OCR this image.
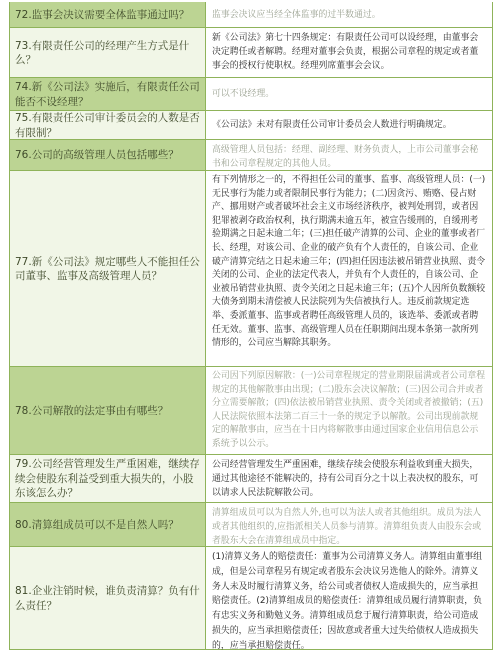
72.监事会决议需要全体监事通过吗？	监事会决议应当经全体监事的过半数通过。
73.有限责任公司的经理产生方式是什么？
新《公司法》第七十四条规定：有限责任公司可以设经理，由董事会决定聘任或者解聘。经理对董事会负责，根据公司章程的规定或者董事会的授权行使职权。经理列席董事会会议。
74.新《公司法》实施后，有限责任公司能否不设经理？
可以不设经理。
75.有限责任公司审计委员会的人数是否有限制？
《公司法》未对有限责任公司审计委员会人数进行明确规定。
76.公司的高级管理人员包括哪些？	高级管理人员包括：经理、副经理、财务负责人，上市公司董事会秘书和公司章程规定的其他人员。
77.新《公司法》规定哪些人不能担任公司董事、监事及高级管理人员？
有下列情形之一的，不得担任公司的董事、监事、高级管理人员：(一)无民事行为能力或者限制民事行为能力；(二)因贪污、贿赂、侵占财产、挪用财产或者破坏社会主义市场经济秩序，被判处刑罚，或者因犯罪被剥夺政治权利，执行期满未逾五年，被宣告缓刑的，自缓刑考验期满之日起未逾二年；(三)担任破产清算的公司、企业的董事或者厂长、经理，对该公司、企业的破产负有个人责任的，自该公司、企业破产清算完结之日起未逾三年；(四)担任因违法被吊销营业执照、责令关闭的公司、企业的法定代表人，并负有个人责任的，自该公司、企业被吊销营业执照、责令关闭之日起未逾三年；(五)个人因所负数额较大债务到期未清偿被人民法院列为失信被执行人。违反前款规定选举、委派董事、监事或者聘任高级管理人员的，该选举、委派或者聘任无效。董事、监事、高级管理人员在任职期间出现本条第一款所列情形的，公司应当解除其职务。
78.公司解散的法定事由有哪些？
公司因下列原因解散：(一)公司章程规定的营业期限届满或者公司章程规定的其他解散事由出现；(二)股东会决议解散；(三)因公司合并或者分立需要解散；(四)依法被吊销营业执照、责令关闭或者被撤销；(五)人民法院依照本法第二百三十一条的规定予以解散。公司出现前款规定的解散事由，应当在十日内将解散事由通过国家企业信用信息公示系统予以公示。
79.公司经营管理发生严重困难，继续存续会使股东利益受到重大损失的，小股东该怎么办？
公司经营管理发生严重困难，继续存续会使股东利益收到重大损失，通过其他途径不能解决的，持有公司百分之十以上表决权的股东，可以请求人民法院解散公司。
80.清算组成员可以不是自然人吗？
清算组成员可以为自然人外,也可以为法人或者其他组织。成员为法人或者其他组织的,应指派相关人员参与清算。清算组负责人由股东会或者股东大会在清算组成员中指定。
81.企业注销时候，谁负责清算？负有什么责任？
(1)清算义务人的赔偿责任：董事为公司清算义务人。清算组由董事组成，但是公司章程另有规定或者股东会决议另选他人的除外。清算义务人未及时履行清算义务，给公司或者债权人造成损失的，应当承担赔偿责任。(2)清算组成员的赔偿责任：清算组成员履行清算职责，负有忠实义务和勤勉义务。清算组成员怠于履行清算职责，给公司造成损失的，应当承担赔偿责任；因故意或者重大过失给债权人造成损失的，应当承担赔偿责任。
